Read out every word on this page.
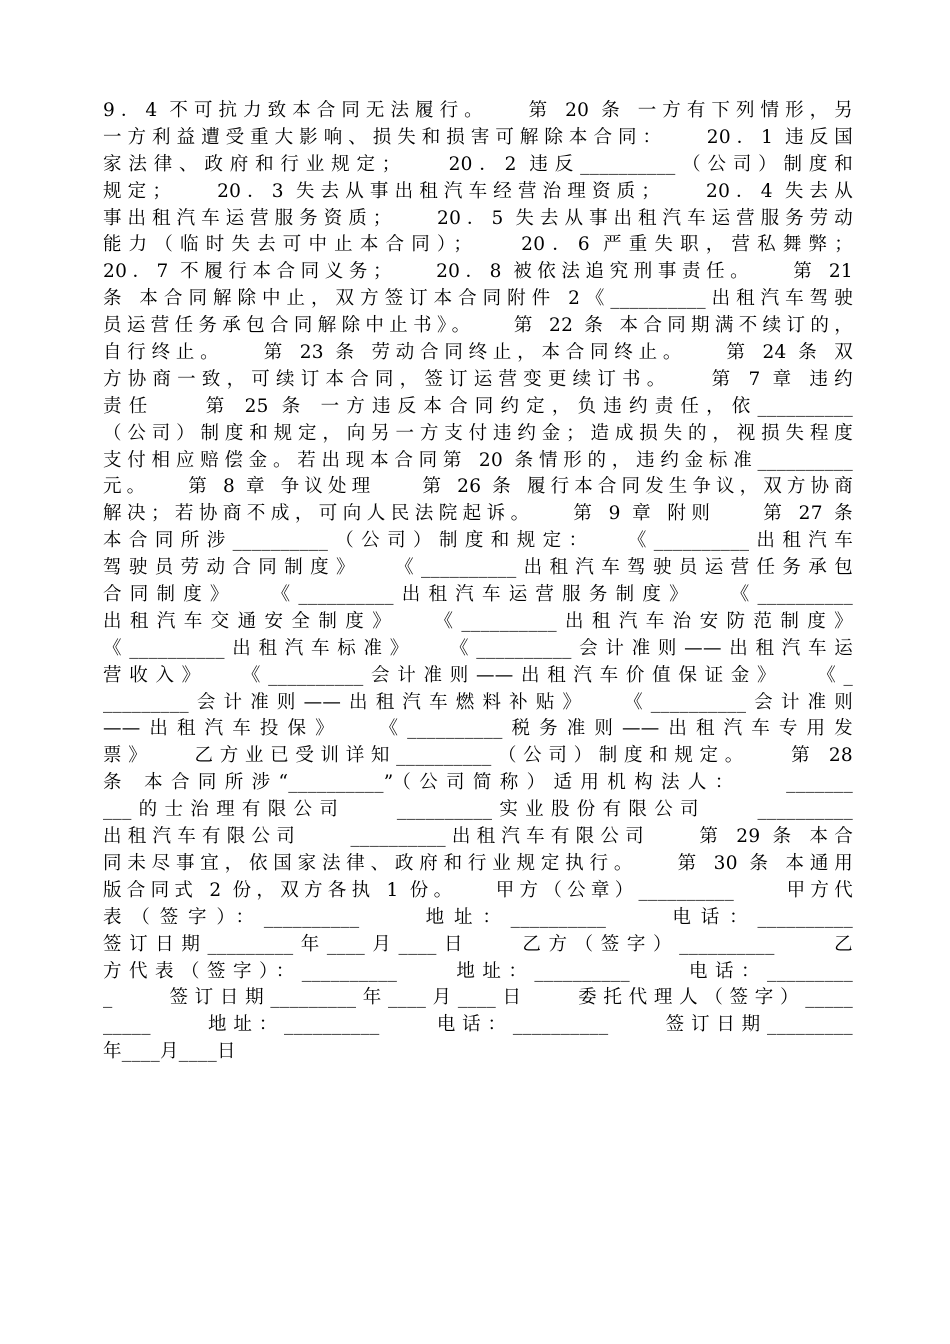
9．4 不可抗力致本合同无法履行。　　第 20 条 一方有下列情形，另
一方利益遭受重大影响、损失和损害可解除本合同：　　20．1 违反国
家法律、政府和行业规定；　　20．2 违反__________（公司）制度和
规定；　　20．3 失去从事出租汽车经营治理资质；　　20．4 失去从
事出租汽车运营服务资质；　　20．5 失去从事出租汽车运营服务劳动
能力（临时失去可中止本合同）；　　20．6 严重失职，营私舞弊；
20．7 不履行本合同义务；　　20．8 被依法追究刑事责任。　　第 21
条 本合同解除中止，双方签订本合同附件 2《__________出租汽车驾驶
员运营任务承包合同解除中止书》。　　第 22 条 本合同期满不续订的，
自行终止。　　第 23 条 劳动合同终止，本合同终止。　　第 24 条 双
方协商一致，可续订本合同，签订运营变更续订书。　　第 7 章 违约
责任　　第 25 条 一方违反本合同约定，负违约责任，依__________
（公司）制度和规定，向另一方支付违约金；造成损失的，视损失程度
支付相应赔偿金。若出现本合同第 20 条情形的，违约金标准__________
元。　　第 8 章 争议处理　　第 26 条 履行本合同发生争议，双方协商
解决；若协商不成，可向人民法院起诉。　　第 9 章 附则　　第 27 条
本合同所涉__________（公司）制度和规定：　　《__________出租汽车
驾驶员劳动合同制度》　　《__________出租汽车驾驶员运营任务承包
合同制度》　　《__________出租汽车运营服务制度》　　《__________
出租汽车交通安全制度》　　《__________出租汽车治安防范制度》
《__________出租汽车标准》　　《__________会计准则——出租汽车运
营收入》　　《__________会计准则——出租汽车价值保证金》　　《_
_________会计准则——出租汽车燃料补贴》　　《__________会计准则
——出租汽车投保》　　《__________税务准则——出租汽车专用发
票》　　乙方业已受训详知__________（公司）制度和规定。　　第 28
条 本合同所涉“__________”（公司简称）适用机构法人：　　_______
___的士治理有限公司　　__________实业股份有限公司　　__________
出租汽车有限公司　　__________出租汽车有限公司　　第 29 条 本合
同未尽事宜，依国家法律、政府和行业规定执行。　　第 30 条 本通用
版合同式 2 份，双方各执 1 份。　　甲方（公章）__________　　甲方代
表（签字）：__________　　地址：__________　　电话：__________
签订日期_________年____月____日　　乙方（签字）__________　　乙
方代表（签字）：__________　　地址：__________　　电话：_________
_　　签订日期_________年____月____日　　委托代理人（签字）_____
_____　　地址：__________　　电话：__________　　签订日期_________
年____月____日
